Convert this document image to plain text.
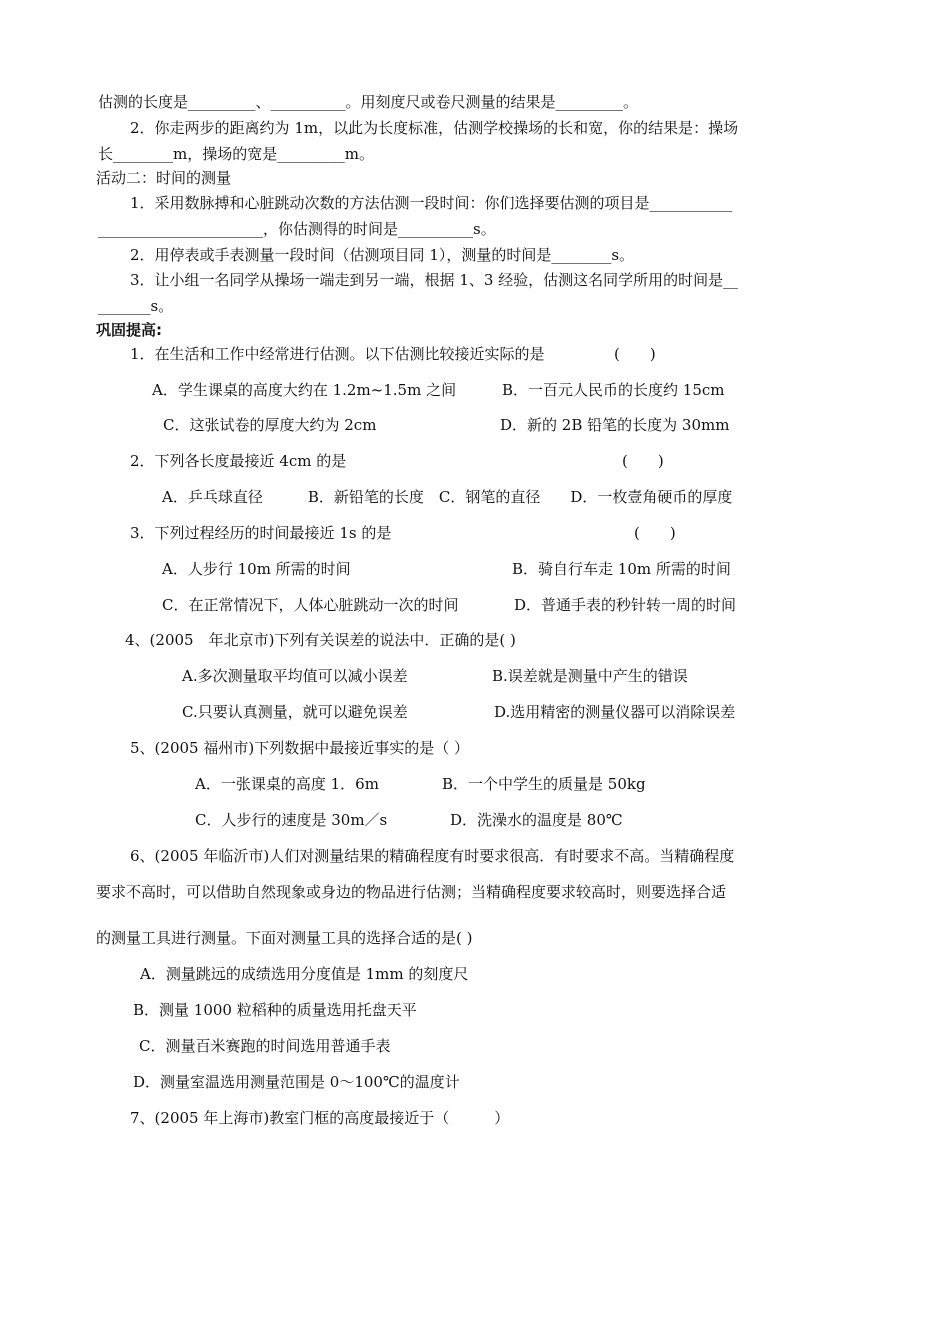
估测的长度是_________、__________。用刻度尺或卷尺测量的结果是_________。
2．你走两步的距离约为 1m，以此为长度标准，估测学校操场的长和宽，你的结果是：操场
长________m，操场的宽是_________m。
活动二：时间的测量
1．采用数脉搏和心脏跳动次数的方法估测一段时间：你们选择要估测的项目是___________
______________________，你估测得的时间是__________s。
2．用停表或手表测量一段时间（估测项目同 1），测量的时间是________s。
3．让小组一名同学从操场一端走到另一端，根据 1、3 经验，估测这名同学所用的时间是__
_______s。
巩固提高:
1．在生活和工作中经常进行估测。以下估测比较接近实际的是	(　　)
A．学生课桌的高度大约在 1.2m~1.5m 之间	B．一百元人民币的长度约 15cm
C．这张试卷的厚度大约为 2cm	D．新的 2B 铅笔的长度为 30mm
2．下列各长度最接近 4cm 的是	(　　)
A．乒乓球直径　　　B．新铅笔的长度　C．钢笔的直径　　D．一枚壹角硬币的厚度
3．下列过程经历的时间最接近 1s 的是	(　　)
A．人步行 10m 所需的时间	B．骑自行车走 10m 所需的时间
C．在正常情况下，人体心脏跳动一次的时间	D．普通手表的秒针转一周的时间
4、(2005　年北京市)下列有关误差的说法中．正确的是( )
A.多次测量取平均值可以减小误差	B.误差就是测量中产生的错误
C.只要认真测量，就可以避免误差	D.选用精密的测量仪器可以消除误差
5、(2005 福州市)下列数据中最接近事实的是（ ）
A．一张课桌的高度 1．6m	B．一个中学生的质量是 50kg
C．人步行的速度是 30m／s	D．洗澡水的温度是 80℃
6、(2005 年临沂市)人们对测量结果的精确程度有时要求很高．有时要求不高。当精确程度
要求不高时，可以借助自然现象或身边的物品进行估测；当精确程度要求较高时，则要选择合适
的测量工具进行测量。下面对测量工具的选择合适的是( )
A．测量跳远的成绩选用分度值是 1mm 的刻度尺
B．测量 1000 粒稻种的质量选用托盘天平
C．测量百米赛跑的时间选用普通手表
D．测量室温选用测量范围是 0～100℃的温度计
7、(2005 年上海市)教室门框的高度最接近于（　　　）
